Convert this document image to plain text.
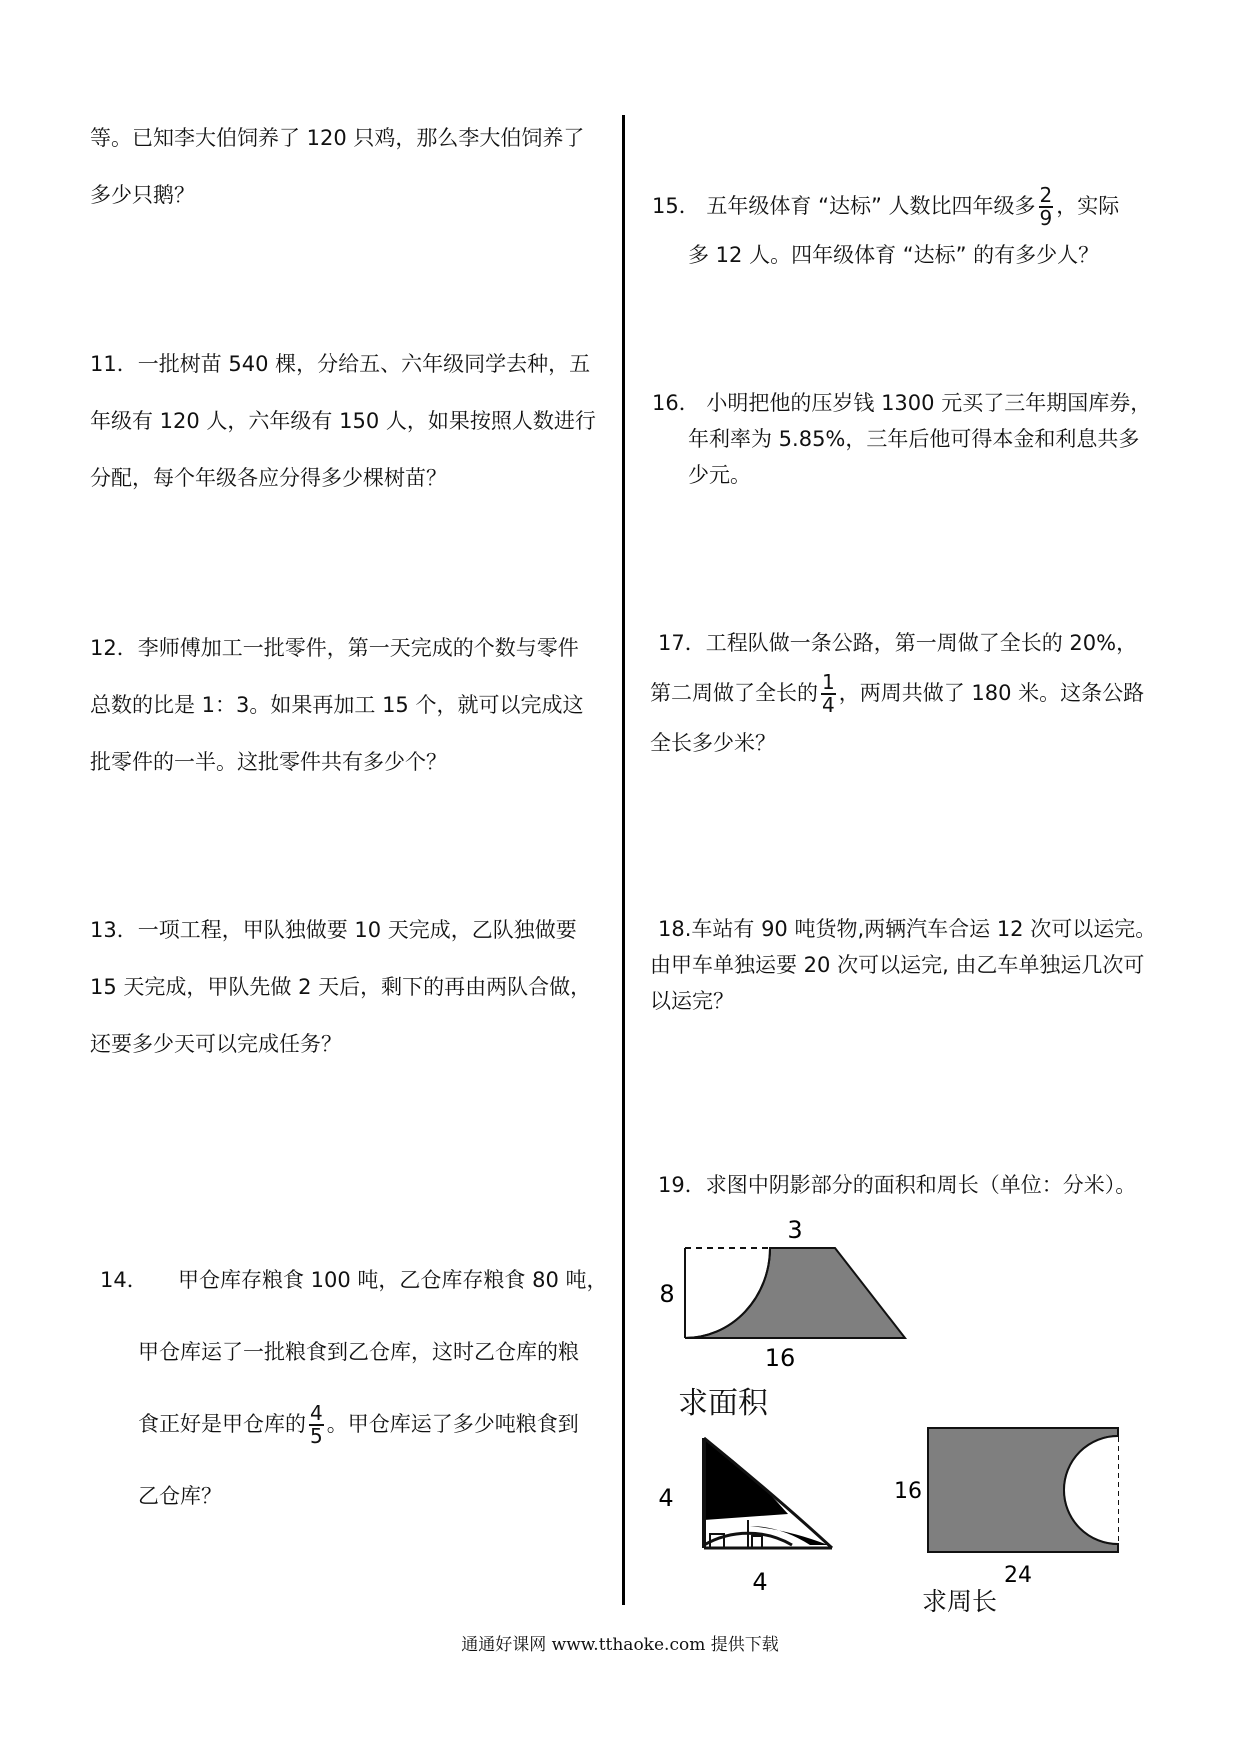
等。已知李大伯饲养了 120 只鸡，那么李大伯饲养了
多少只鹅？
11．一批树苗 540 棵，分给五、六年级同学去种，五
年级有 120 人，六年级有 150 人，如果按照人数进行
分配，每个年级各应分得多少棵树苗？
12．李师傅加工一批零件，第一天完成的个数与零件
总数的比是 1：3。如果再加工 15 个，就可以完成这
批零件的一半。这批零件共有多少个？
13．一项工程，甲队独做要 10 天完成，乙队独做要
15 天完成，甲队先做 2 天后，剩下的再由两队合做，
还要多少天可以完成任务？
14． 甲仓库存粮食 100 吨，乙仓库存粮食 80 吨，
甲仓库运了一批粮食到乙仓库，这时乙仓库的粮
食正好是甲仓库的 $\frac{4}{5}$ 。甲仓库运了多少吨粮食到
乙仓库？
15． 五年级体育 “达标” 人数比四年级多 $\frac{2}{9}$ ，实际
多 12 人。四年级体育 “达标” 的有多少人？
16． 小明把他的压岁钱 1300 元买了三年期国库券，
年利率为 5.85%，三年后他可得本金和利息共多
少元。
17．工程队做一条公路，第一周做了全长的 20%，
第二周做了全长的 $\frac{1}{4}$ ，两周共做了 180 米。这条公路
全长多少米？
18.车站有 90 吨货物,两辆汽车合运 12 次可以运完。
由甲车单独运要 20 次可以运完, 由乙车单独运几次可
以运完？
19．求图中阴影部分的面积和周长（单位：分米）。
3
8
16
求面积
4
4
16
24
求周长
通通好课网 www.tthaoke.com 提供下载
